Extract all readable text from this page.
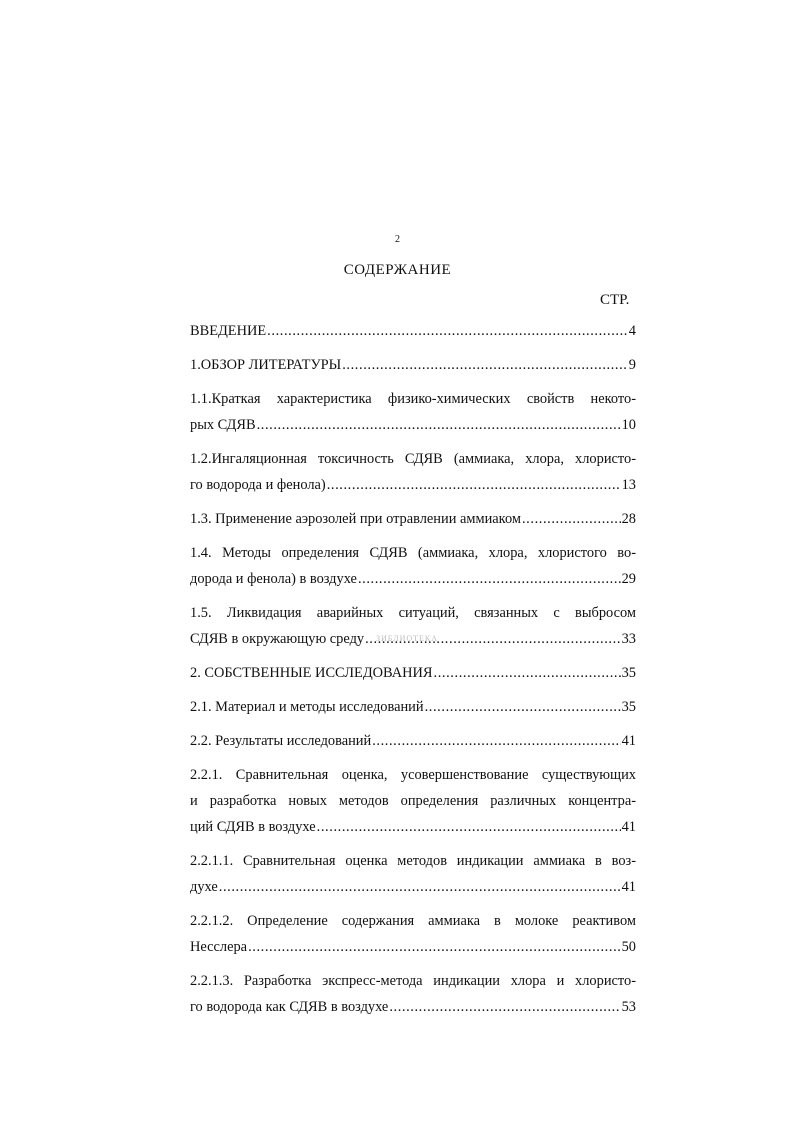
2
СОДЕРЖАНИЕ
СТР.
ЗИБЛИОТЕКА
ВВЕДЕНИЕ . . .	4
1.ОБЗОР ЛИТЕРАТУРЫ . . .	9
1.1.Краткая характеристика физико-химических свойств некото-
рых СДЯВ . . .	10
1.2.Ингаляционная токсичность СДЯВ (аммиака, хлора, хлористо-
го водорода и фенола) . . .	13
1.3. Применение аэрозолей при отравлении аммиаком . . .	28
1.4. Методы определения СДЯВ (аммиака, хлора, хлористого во-
дорода и фенола) в воздухе . . .	29
1.5. Ликвидация аварийных ситуаций, связанных с выбросом
СДЯВ в окружающую среду . . .	33
2. СОБСТВЕННЫЕ ИССЛЕДОВАНИЯ . . .	35
2.1. Материал и методы исследований . . .	35
2.2. Результаты исследований . . .	41
2.2.1. Сравнительная оценка, усовершенствование существующих
и разработка новых методов определения различных концентра-
ций СДЯВ в воздухе . . .	41
2.2.1.1. Сравнительная оценка методов индикации аммиака в воз-
духе . . .	41
2.2.1.2. Определение содержания аммиака в молоке реактивом
Несслера . . .	50
2.2.1.3. Разработка экспресс-метода индикации хлора и хлористо-
го водорода как СДЯВ в воздухе . . .	53
